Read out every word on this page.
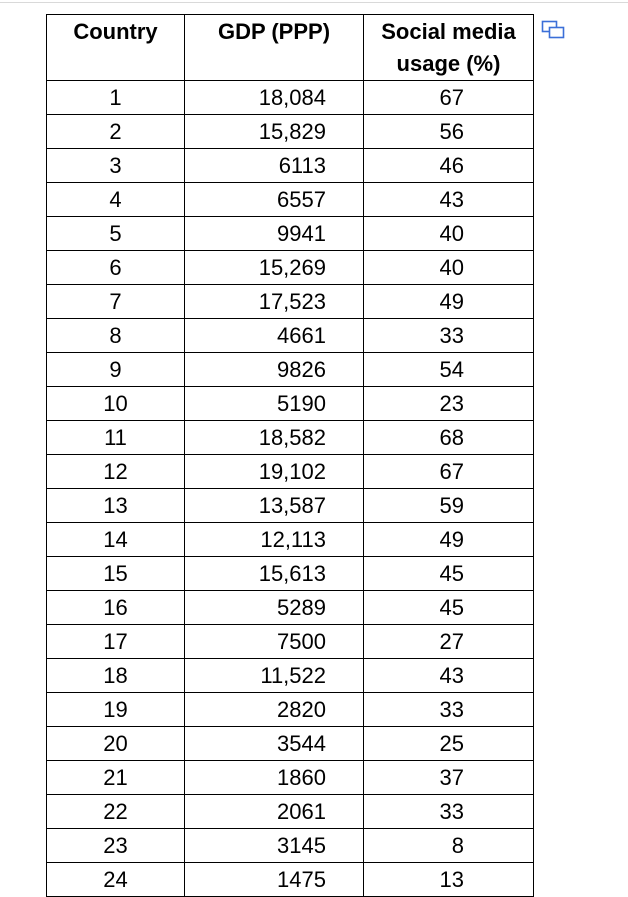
Country	GDP (PPP)	Social media
usage (%)

1	18,084	67
2	15,829	56
3	6113	46
4	6557	43
5	9941	40
6	15,269	40
7	17,523	49
8	4661	33
9	9826	54
10	5190	23
11	18,582	68
12	19,102	67
13	13,587	59
14	12,113	49
15	15,613	45
16	5289	45
17	7500	27
18	11,522	43
19	2820	33
20	3544	25
21	1860	37
22	2061	33
23	3145	8
24	1475	13
